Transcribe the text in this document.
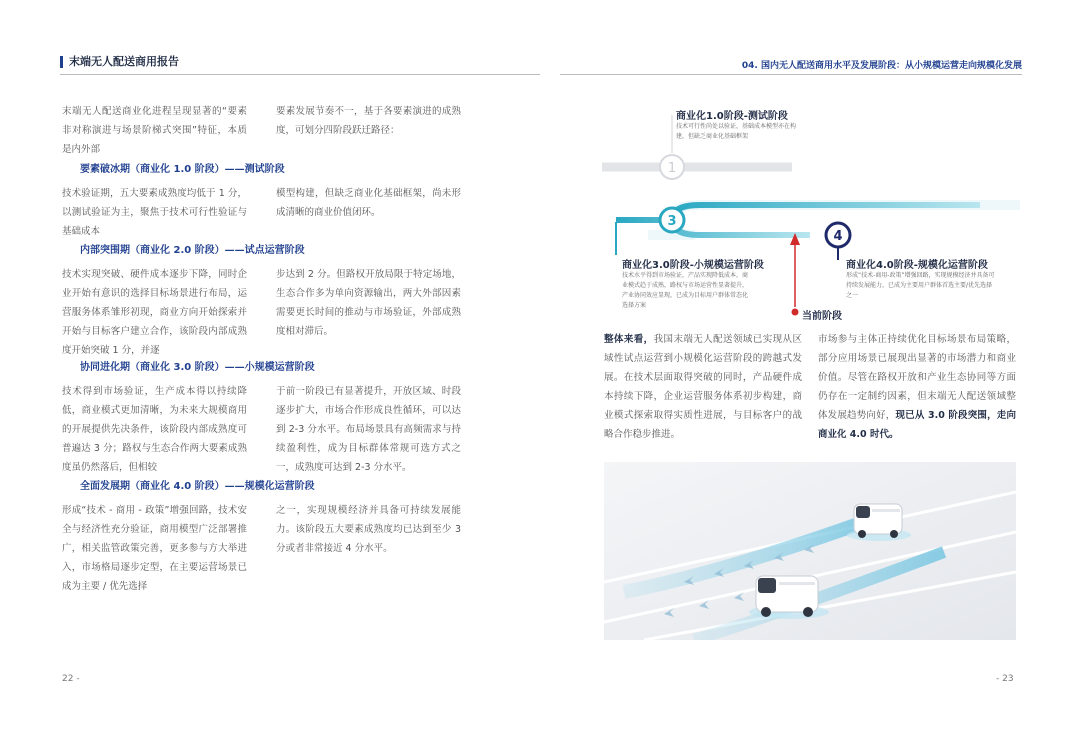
末端无人配送商用报告	04. 国内无人配送商用水平及发展阶段：从小规模运营走向规模化发展
末端无人配送商业化进程呈现显著的“要素非对称演进与场景阶梯式突围”特征，本质是内外部
要素发展节奏不一，基于各要素演进的成熟度，可划分四阶段跃迁路径：
要素破冰期（商业化 1.0 阶段）——测试阶段
技术验证期，五大要素成熟度均低于 1 分，以测试验证为主，聚焦于技术可行性验证与基础成本
模型构建，但缺乏商业化基础框架，尚未形成清晰的商业价值闭环。
内部突围期（商业化 2.0 阶段）——试点运营阶段
技术实现突破、硬件成本逐步下降，同时企业开始有意识的选择目标场景进行布局，运营服务体系雏形初现，商业方向开始探索并开始与目标客户建立合作，该阶段内部成熟度开始突破 1 分，并逐
步达到 2 分。但路权开放局限于特定场地，生态合作多为单向资源输出，两大外部因素需要更长时间的推动与市场验证，外部成熟度相对滞后。
协同进化期（商业化 3.0 阶段）——小规模运营阶段
技术得到市场验证，生产成本得以持续降低，商业模式更加清晰，为未来大规模商用的开展提供先决条件，该阶段内部成熟度可普遍达 3 分；路权与生态合作两大要素成熟度虽仍然落后，但相较
于前一阶段已有显著提升，开放区域、时段逐步扩大，市场合作形成良性循环，可以达到 2-3 分水平。布局场景具有高频需求与持续盈利性，成为目标群体常规可选方式之一，成熟度可达到 2-3 分水平。
全面发展期（商业化 4.0 阶段）——规模化运营阶段
形成“技术 - 商用 - 政策”增强回路，技术安全与经济性充分验证，商用模型广泛部署推广，相关监管政策完善，更多参与方大举进入，市场格局逐步定型，在主要运营场景已成为主要 / 优先选择
之一，实现规模经济并具备可持续发展能力。该阶段五大要素成熟度均已达到至少 3 分或者非常接近 4 分水平。
22 -
1
3
4
商业化1.0阶段-测试阶段
技术可行性尚处以验证，基础成本模型亦在构建，但缺乏商业化基础框架
商业化3.0阶段-小规模运营阶段
技术水平得到市场验证，产品实现降低成本，商业模式趋于成熟，路权与市场运营性显著提升，产业协同效应显现，已成为目标用户群体常态化选择方案
商业化4.0阶段-规模化运营阶段
形成“技术-商用-政策”增强回路，实现规模经济并具备可持续发展能力，已成为主要用户群体首选主要/优先选择之一
当前阶段
整体来看，我国末端无人配送领域已实现从区域性试点运营到小规模化运营阶段的跨越式发展。在技术层面取得突破的同时，产品硬件成本持续下降，企业运营服务体系初步构建，商业模式探索取得实质性进展，与目标客户的战略合作稳步推进。
市场参与主体正持续优化目标场景布局策略，部分应用场景已展现出显著的市场潜力和商业价值。尽管在路权开放和产业生态协同等方面仍存在一定制约因素，但末端无人配送领域整体发展趋势向好，现已从 3.0 阶段突围，走向商业化 4.0 时代。
- 23
